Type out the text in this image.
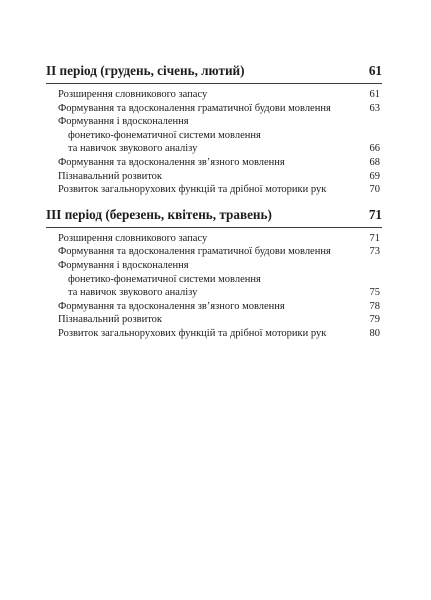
II період (грудень, січень, лютий)	61
Розширення словникового запасу	61
Формування та вдосконалення граматичної будови мовлення	63
Формування і вдосконалення
фонетико-фонематичної системи мовлення
та навичок звукового аналізу	66
Формування та вдосконалення зв’язного мовлення	68
Пізнавальний розвиток	69
Розвиток загальнорухових функцій та дрібної моторики рук	70
III період (березень, квітень, травень)	71
Розширення словникового запасу	71
Формування та вдосконалення граматичної будови мовлення	73
Формування і вдосконалення
фонетико-фонематичної системи мовлення
та навичок звукового аналізу	75
Формування та вдосконалення зв’язного мовлення	78
Пізнавальний розвиток	79
Розвиток загальнорухових функцій та дрібної моторики рук	80
